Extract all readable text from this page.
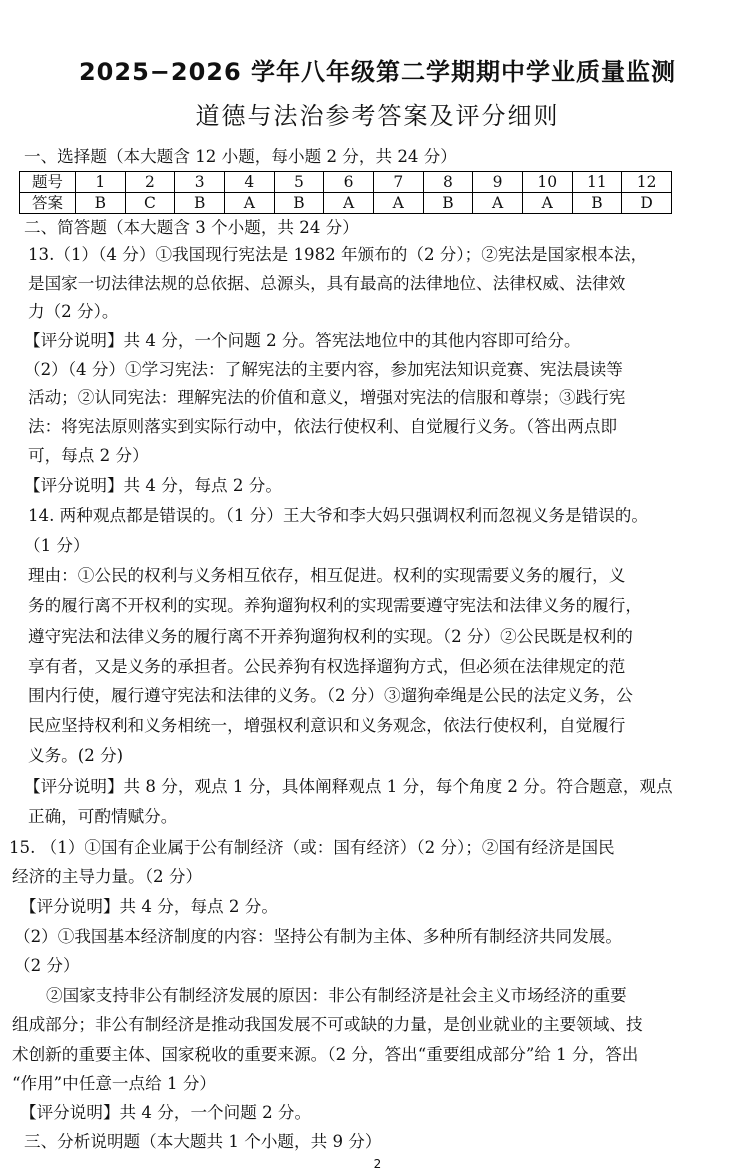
2025−2026 学年八年级第二学期期中学业质量监测
道德与法治参考答案及评分细则
一、选择题（本大题含 12 小题，每小题 2 分，共 24 分）
题号	1	2	3	4	5	6	7	8	9	10	11	12
答案	B	C	B	A	B	A	A	B	A	A	B	D
二、简答题（本大题含 3 个小题，共 24 分）
13.（1）（4 分）①我国现行宪法是 1982 年颁布的（2 分）；②宪法是国家根本法，
是国家一切法律法规的总依据、总源头，具有最高的法律地位、法律权威、法律效
力（2 分）。
【评分说明】共 4 分，一个问题 2 分。答宪法地位中的其他内容即可给分。
（2）（4 分）①学习宪法：了解宪法的主要内容，参加宪法知识竞赛、宪法晨读等
活动；②认同宪法：理解宪法的价值和意义，增强对宪法的信服和尊崇；③践行宪
法：将宪法原则落实到实际行动中，依法行使权利、自觉履行义务。（答出两点即
可，每点 2 分）
【评分说明】共 4 分，每点 2 分。
14. 两种观点都是错误的。（1 分）王大爷和李大妈只强调权利而忽视义务是错误的。
（1 分）
理由：①公民的权利与义务相互依存，相互促进。权利的实现需要义务的履行，义
务的履行离不开权利的实现。养狗遛狗权利的实现需要遵守宪法和法律义务的履行，
遵守宪法和法律义务的履行离不开养狗遛狗权利的实现。（2 分）②公民既是权利的
享有者，又是义务的承担者。公民养狗有权选择遛狗方式，但必须在法律规定的范
围内行使，履行遵守宪法和法律的义务。（2 分）③遛狗牵绳是公民的法定义务，公
民应坚持权利和义务相统一，增强权利意识和义务观念，依法行使权利，自觉履行
义务。(2 分)
【评分说明】共 8 分，观点 1 分，具体阐释观点 1 分，每个角度 2 分。符合题意，观点
正确，可酌情赋分。
15. （1）①国有企业属于公有制经济（或：国有经济）（2 分）；②国有经济是国民
经济的主导力量。（2 分）
【评分说明】共 4 分，每点 2 分。
（2）①我国基本经济制度的内容：坚持公有制为主体、多种所有制经济共同发展。
（2 分）
②国家支持非公有制经济发展的原因：非公有制经济是社会主义市场经济的重要
组成部分；非公有制经济是推动我国发展不可或缺的力量，是创业就业的主要领域、技
术创新的重要主体、国家税收的重要来源。（2 分，答出“重要组成部分”给 1 分，答出
“作用”中任意一点给 1 分）
【评分说明】共 4 分，一个问题 2 分。
三、分析说明题（本大题共 1 个小题，共 9 分）
2
